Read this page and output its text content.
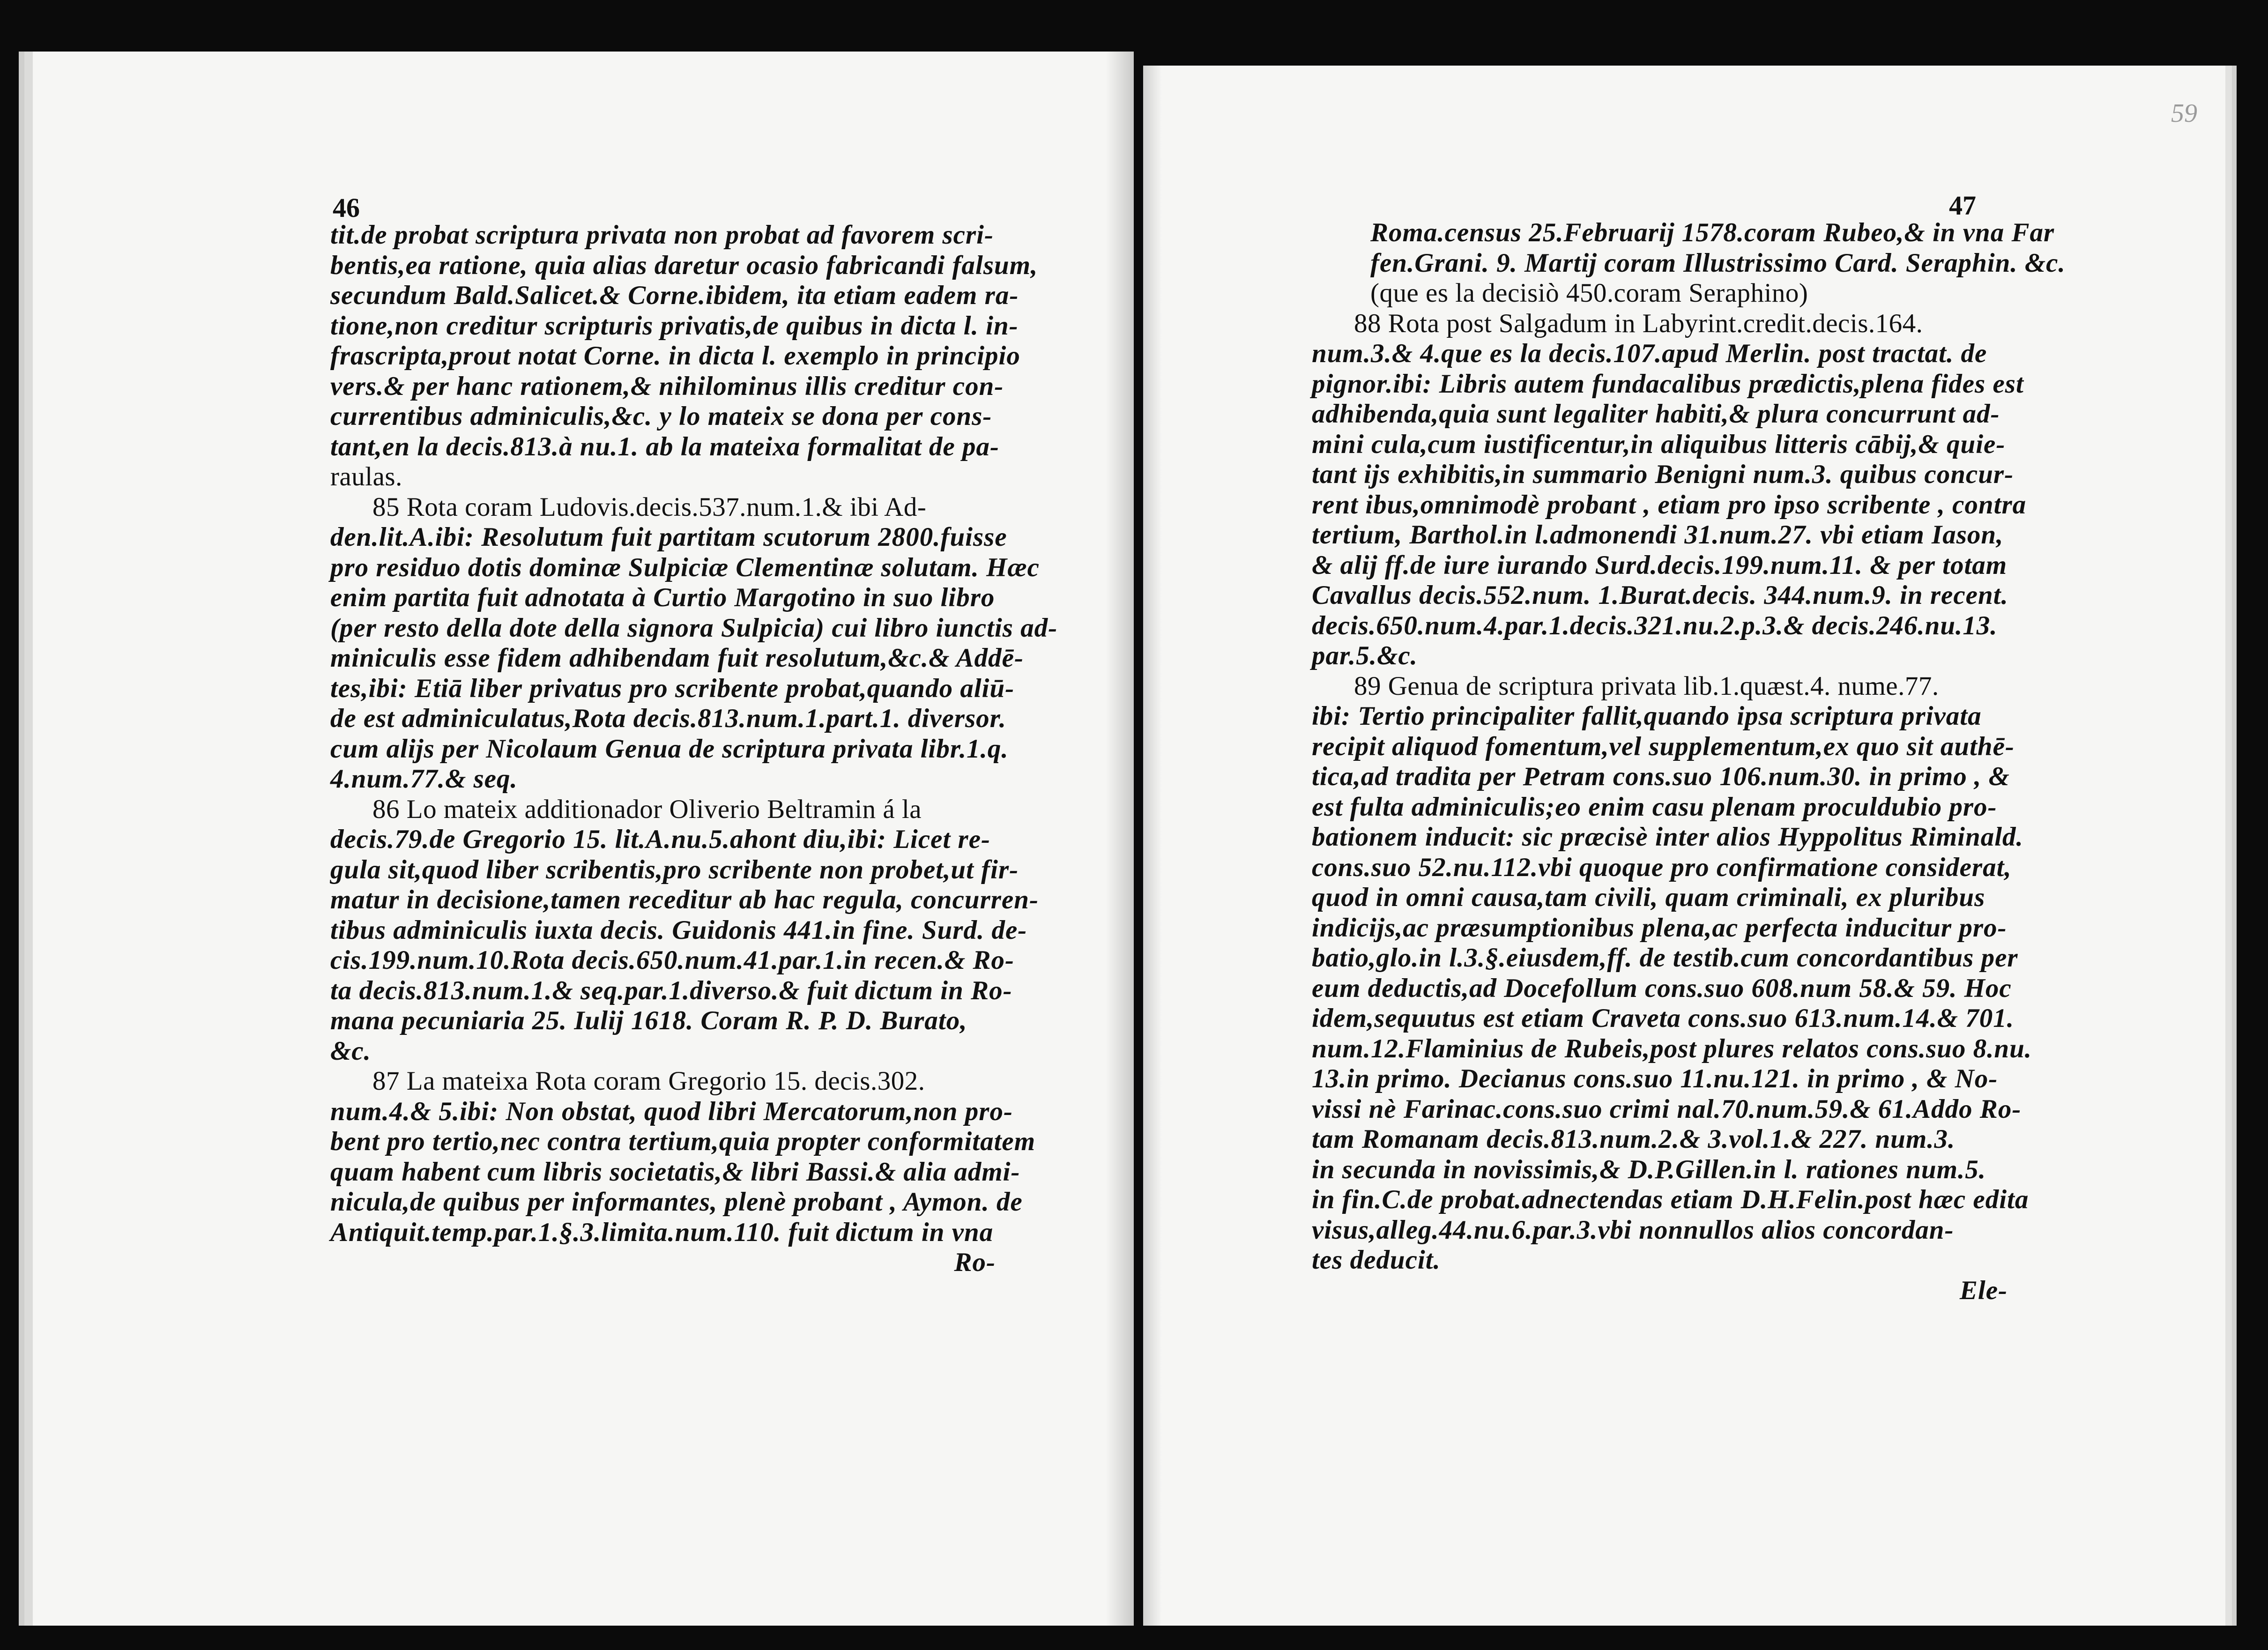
46
tit.de probat scriptura privata non probat ad favorem scri-
bentis,ea ratione, quia alias daretur ocasio fabricandi falsum,
secundum Bald.Salicet.& Corne.ibidem, ita etiam eadem ra-
tione,non creditur scripturis privatis,de quibus in dicta l. in-
frascripta,prout notat Corne. in dicta l. exemplo in principio
vers.& per hanc rationem,& nihilominus illis creditur con-
currentibus adminiculis,&c. y lo mateix se dona per cons-
tant,en la decis.813.à nu.1. ab la mateixa formalitat de pa-
raulas.
85 Rota coram Ludovis.decis.537.num.1.& ibi Ad-
den.lit.A.ibi: Resolutum fuit partitam scutorum 2800.fuisse
pro residuo dotis dominæ Sulpiciæ Clementinæ solutam. Hæc
enim partita fuit adnotata à Curtio Margotino in suo libro
(per resto della dote della signora Sulpicia) cui libro iunctis ad-
miniculis esse fidem adhibendam fuit resolutum,&c.& Addē-
tes,ibi: Etiā liber privatus pro scribente probat,quando aliū-
de est adminiculatus,Rota decis.813.num.1.part.1. diversor.
cum alijs per Nicolaum Genua de scriptura privata libr.1.q.
4.num.77.& seq.
86 Lo mateix additionador Oliverio Beltramin á la
decis.79.de Gregorio 15. lit.A.nu.5.ahont diu,ibi: Licet re-
gula sit,quod liber scribentis,pro scribente non probet,ut fir-
matur in decisione,tamen receditur ab hac regula, concurren-
tibus adminiculis iuxta decis. Guidonis 441.in fine. Surd. de-
cis.199.num.10.Rota decis.650.num.41.par.1.in recen.& Ro-
ta decis.813.num.1.& seq.par.1.diverso.& fuit dictum in Ro-
mana pecuniaria 25. Iulij 1618. Coram R. P. D. Burato,
&c.
87 La mateixa Rota coram Gregorio 15. decis.302.
num.4.& 5.ibi: Non obstat, quod libri Mercatorum,non pro-
bent pro tertio,nec contra tertium,quia propter conformitatem
quam habent cum libris societatis,& libri Bassi.& alia admi-
nicula,de quibus per informantes, plenè probant , Aymon. de
Antiquit.temp.par.1.§.3.limita.num.110. fuit dictum in vna
Ro-
59
47
Roma.census 25.Februarij 1578.coram Rubeo,& in vna Far
fen.Grani. 9. Martij coram Illustrissimo Card. Seraphin. &c.
(que es la decisiò 450.coram Seraphino)
88 Rota post Salgadum in Labyrint.credit.decis.164.
num.3.& 4.que es la decis.107.apud Merlin. post tractat. de
pignor.ibi: Libris autem fundacalibus prædictis,plena fides est
adhibenda,quia sunt legaliter habiti,& plura concurrunt ad-
mini cula,cum iustificentur,in aliquibus litteris cābij,& quie-
tant ijs exhibitis,in summario Benigni num.3. quibus concur-
rent ibus,omnimodè probant , etiam pro ipso scribente , contra
tertium, Barthol.in l.admonendi 31.num.27. vbi etiam Iason,
& alij ff.de iure iurando Surd.decis.199.num.11. & per totam
Cavallus decis.552.num. 1.Burat.decis. 344.num.9. in recent.
decis.650.num.4.par.1.decis.321.nu.2.p.3.& decis.246.nu.13.
par.5.&c.
89 Genua de scriptura privata lib.1.quæst.4. nume.77.
ibi: Tertio principaliter fallit,quando ipsa scriptura privata
recipit aliquod fomentum,vel supplementum,ex quo sit authē-
tica,ad tradita per Petram cons.suo 106.num.30. in primo , &
est fulta adminiculis;eo enim casu plenam proculdubio pro-
bationem inducit: sic præcisè inter alios Hyppolitus Riminald.
cons.suo 52.nu.112.vbi quoque pro confirmatione considerat,
quod in omni causa,tam civili, quam criminali, ex pluribus
indicijs,ac præsumptionibus plena,ac perfecta inducitur pro-
batio,glo.in l.3.§.eiusdem,ff. de testib.cum concordantibus per
eum deductis,ad Docefollum cons.suo 608.num 58.& 59. Hoc
idem,sequutus est etiam Craveta cons.suo 613.num.14.& 701.
num.12.Flaminius de Rubeis,post plures relatos cons.suo 8.nu.
13.in primo. Decianus cons.suo 11.nu.121. in primo , & No-
vissi nè Farinac.cons.suo crimi nal.70.num.59.& 61.Addo Ro-
tam Romanam decis.813.num.2.& 3.vol.1.& 227. num.3.
in secunda in novissimis,& D.P.Gillen.in l. rationes num.5.
in fin.C.de probat.adnectendas etiam D.H.Felin.post hæc edita
visus,alleg.44.nu.6.par.3.vbi nonnullos alios concordan-
tes deducit.
Ele-
